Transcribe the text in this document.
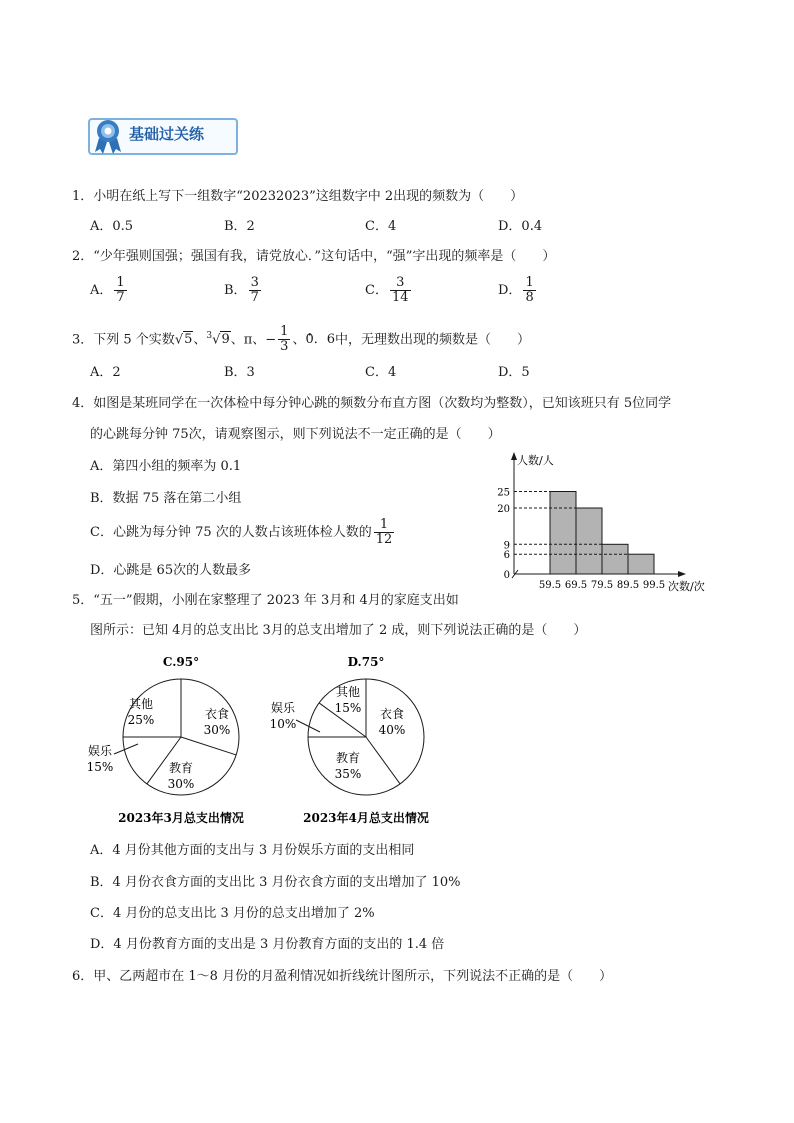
基础过关练
1．小明在纸上写下一组数字“20232023”这组数字中 2出现的频数为（　　）
A．0.5	B．2	C．4	D．0.4
2．“少年强则国强；强国有我，请党放心．”这句话中，“强”字出现的频率是（　　）
A． $\frac{1}{7}$	B． $\frac{3}{7}$	C． $\frac{3}{14}$	D． $\frac{1}{8}$
3．下列 5 个实数√5、$^3$√9、π、− $\frac{1}{3}$ 、· 0．6中，无理数出现的频数是（　　）
A．2	B．3	C．4	D．5
4．如图是某班同学在一次体检中每分钟心跳的频数分布直方图（次数均为整数），已知该班只有 5位同学
的心跳每分钟 75次，请观察图示，则下列说法不一定正确的是（　　）
A．第四小组的频率为 0.1
B．数据 75 落在第二小组
C．心跳为每分钟 75 次的人数占该班体检人数的 $\frac{1}{12}$
D．心跳是 65次的人数最多
人数/人
次数/次
0
6
9
20
25
59.5 69.5 79.5 89.5 99.5
5．“五一”假期，小刚在家整理了 2023 年 3月和 4月的家庭支出如
图所示：已知 4月的总支出比 3月的总支出增加了 2 成，则下列说法正确的是（　　）
C.95°	D.75°
其他
25%	衣食
30%
教育
30%
娱乐
15%
其他
15% 衣食
40%
教育
35%
娱乐
10%
2023年3月总支出情况	2023年4月总支出情况
A．4 月份其他方面的支出与 3 月份娱乐方面的支出相同
B．4 月份衣食方面的支出比 3 月份衣食方面的支出增加了 10%
C．4 月份的总支出比 3 月份的总支出增加了 2%
D．4 月份教育方面的支出是 3 月份教育方面的支出的 1.4 倍
6．甲、乙两超市在 1～8 月份的月盈利情况如折线统计图所示，下列说法不正确的是（　　）
